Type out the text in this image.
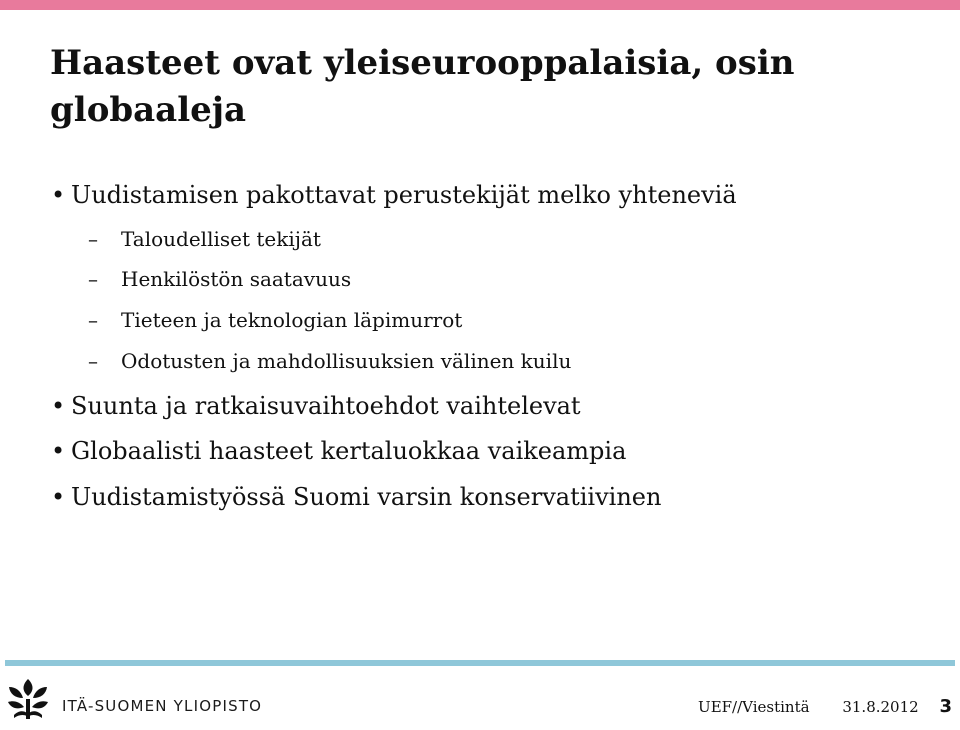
Haasteet ovat yleiseurooppalaisia, osin globaaleja
• Uudistamisen pakottavat perustekijät melko yhteneviä
– Taloudelliset tekijät
– Henkilöstön saatavuus
– Tieteen ja teknologian läpimurrot
– Odotusten ja mahdollisuuksien välinen kuilu
• Suunta ja ratkaisuvaihtoehdot vaihtelevat
• Globaalisti haasteet kertaluokkaa vaikeampia
• Uudistamistyössä Suomi varsin konservatiivinen
ITÄ-SUOMEN YLIOPISTO	UEF//Viestintä 31.8.2012 3
